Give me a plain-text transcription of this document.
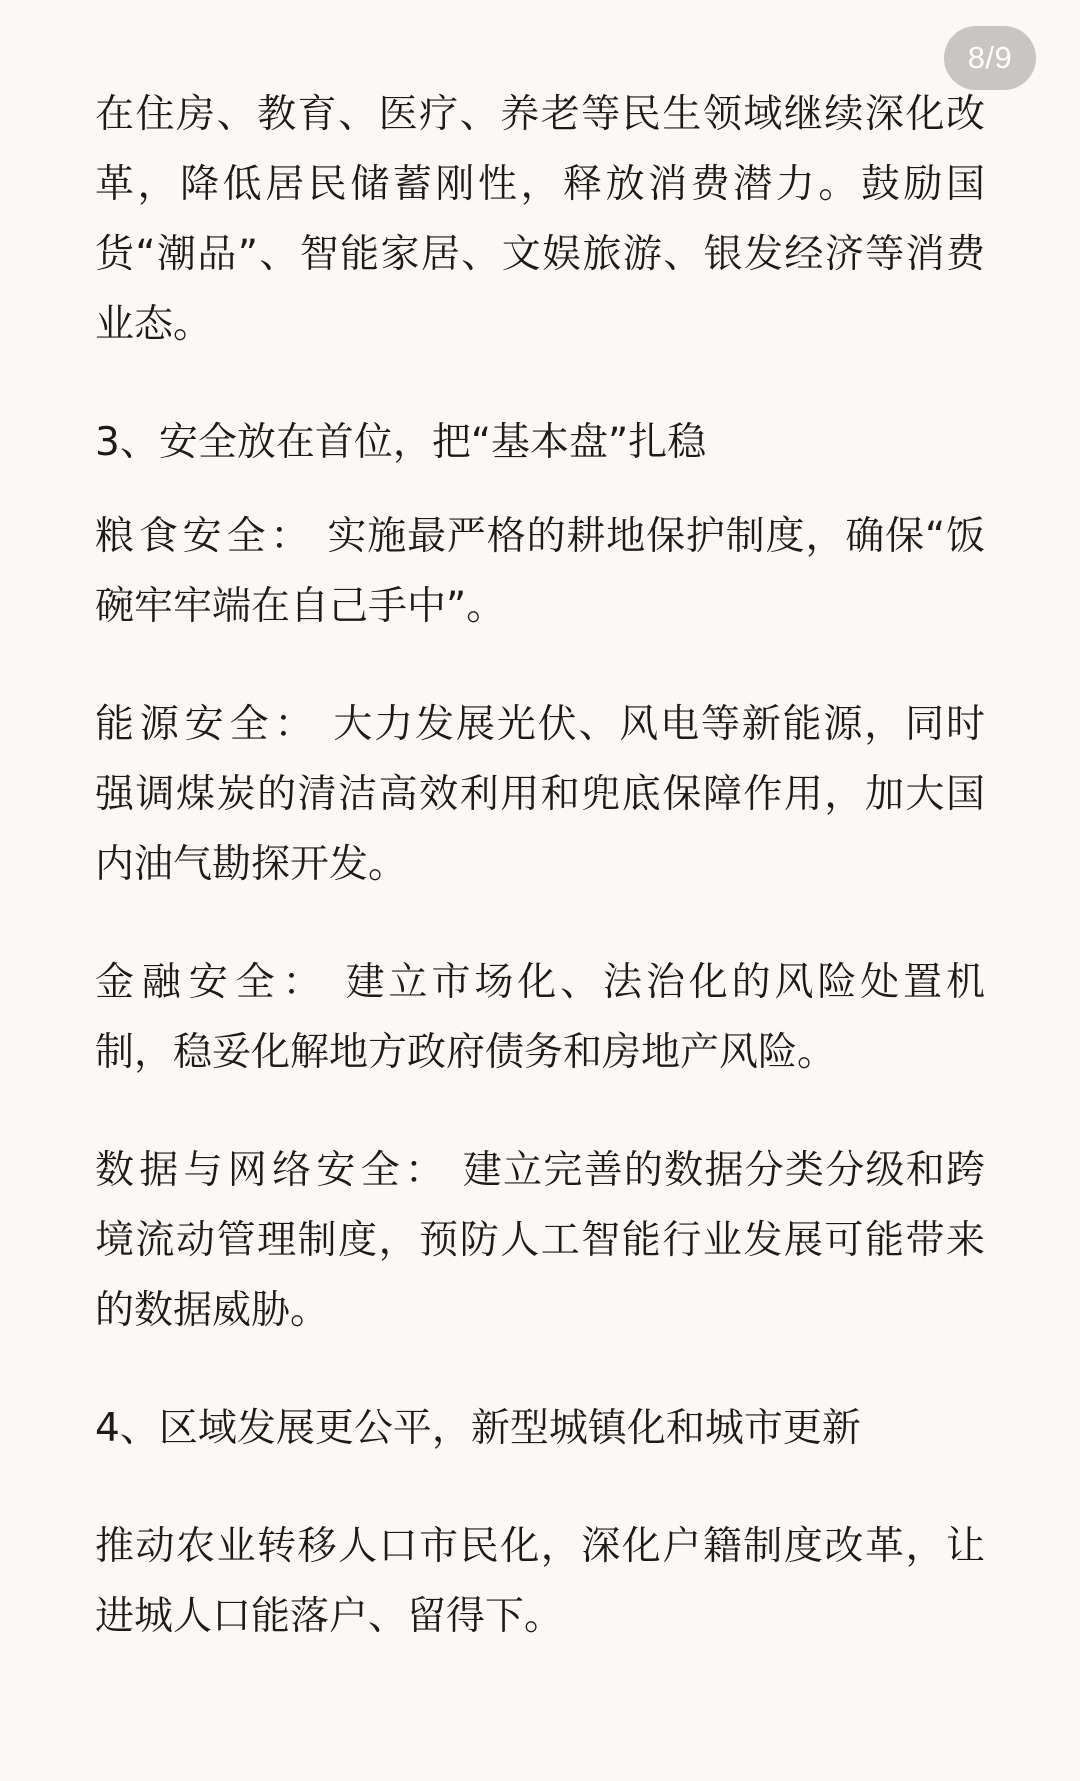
8/9

在住房、教育、医疗、养老等民生领域继续深化改革，降低居民储蓄刚性，释放消费潜力。鼓励国货“潮品”、智能家居、文娱旅游、银发经济等消费业态。

3、安全放在首位，把“基本盘”扎稳

粮食安全： 实施最严格的耕地保护制度，确保“饭碗牢牢端在自己手中”。

能源安全： 大力发展光伏、风电等新能源，同时强调煤炭的清洁高效利用和兜底保障作用，加大国内油气勘探开发。

金融安全： 建立市场化、法治化的风险处置机制，稳妥化解地方政府债务和房地产风险。

数据与网络安全： 建立完善的数据分类分级和跨境流动管理制度，预防人工智能行业发展可能带来的数据威胁。

4、区域发展更公平，新型城镇化和城市更新

推动农业转移人口市民化，深化户籍制度改革，让进城人口能落户、留得下。
